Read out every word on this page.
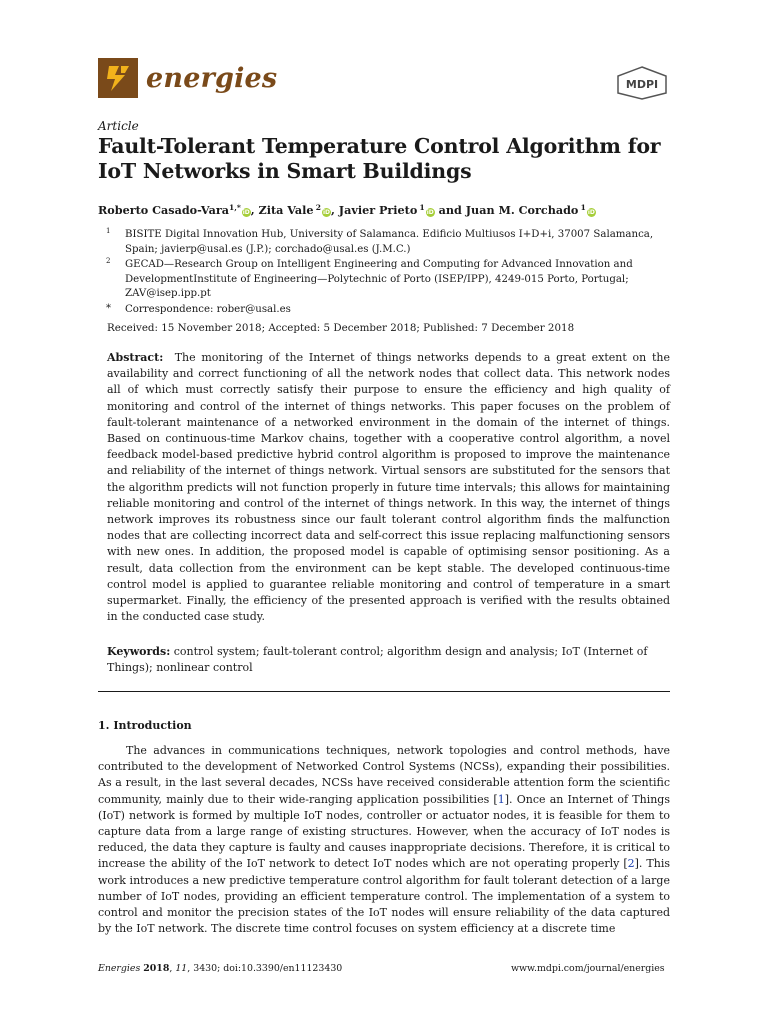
energies	MDPI
Article
Fault-Tolerant Temperature Control Algorithm for IoT Networks in Smart Buildings
Roberto Casado-Vara$^{1,*}$iD, Zita Vale  $^2$iD, Javier Prieto  $^1$iD and Juan M. Corchado  $^1$iD
1 BISITE Digital Innovation Hub, University of Salamanca. Edificio Multiusos I+D+i, 37007 Salamanca, Spain; javierp@usal.es (J.P.); corchado@usal.es (J.M.C.)
2 GECAD—Research Group on Intelligent Engineering and Computing for Advanced Innovation and DevelopmentInstitute of Engineering—Polytechnic of Porto (ISEP/IPP), 4249-015 Porto, Portugal; ZAV@isep.ipp.pt
* Correspondence: rober@usal.es
Received: 15 November 2018; Accepted: 5 December 2018; Published: 7 December 2018
Abstract: The monitoring of the Internet of things networks depends to a great extent on the availability and correct functioning of all the network nodes that collect data. This network nodes all of which must correctly satisfy their purpose to ensure the efficiency and high quality of monitoring and control of the internet of things networks. This paper focuses on the problem of fault-tolerant maintenance of a networked environment in the domain of the internet of things. Based on continuous-time Markov chains, together with a cooperative control algorithm, a novel feedback model-based predictive hybrid control algorithm is proposed to improve the maintenance and reliability of the internet of things network. Virtual sensors are substituted for the sensors that the algorithm predicts will not function properly in future time intervals; this allows for maintaining reliable monitoring and control of the internet of things network. In this way, the internet of things network improves its robustness since our fault tolerant control algorithm finds the malfunction nodes that are collecting incorrect data and self-correct this issue replacing malfunctioning sensors with new ones. In addition, the proposed model is capable of optimising sensor positioning. As a result, data collection from the environment can be kept stable. The developed continuous-time control model is applied to guarantee reliable monitoring and control of temperature in a smart supermarket. Finally, the efficiency of the presented approach is verified with the results obtained in the conducted case study.
Keywords: control system; fault-tolerant control; algorithm design and analysis; IoT (Internet of Things); nonlinear control
1. Introduction
The advances in communications techniques, network topologies and control methods, have contributed to the development of Networked Control Systems (NCSs), expanding their possibilities. As a result, in the last several decades, NCSs have received considerable attention form the scientific community, mainly due to their wide-ranging application possibilities [1]. Once an Internet of Things (IoT) network is formed by multiple IoT nodes, controller or actuator nodes, it is feasible for them to capture data from a large range of existing structures. However, when the accuracy of IoT nodes is reduced, the data they capture is faulty and causes inappropriate decisions. Therefore, it is critical to increase the ability of the IoT network to detect IoT nodes which are not operating properly [2]. This work introduces a new predictive temperature control algorithm for fault tolerant detection of a large number of IoT nodes, providing an efficient temperature control. The implementation of a system to control and monitor the precision states of the IoT nodes will ensure reliability of the data captured by the IoT network. The discrete time control focuses on system efficiency at a discrete time
Energies 2018, 11, 3430; doi:10.3390/en11123430	www.mdpi.com/journal/energies
